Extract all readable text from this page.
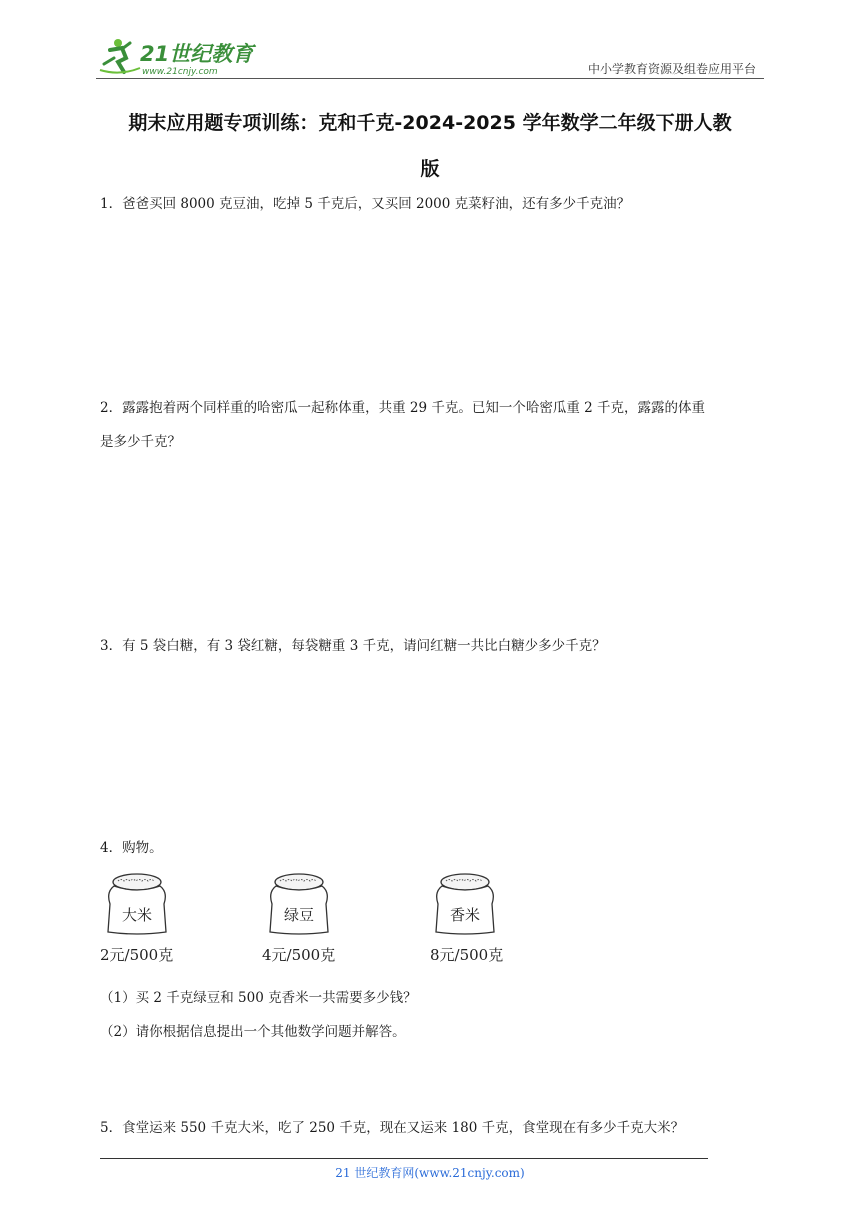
21世纪教育
www.21cnjy.com	中小学教育资源及组卷应用平台
期末应用题专项训练：克和千克-2024-2025 学年数学二年级下册人教
版
1．爸爸买回 8000 克豆油，吃掉 5 千克后，又买回 2000 克菜籽油，还有多少千克油？
2．露露抱着两个同样重的哈密瓜一起称体重，共重 29 千克。已知一个哈密瓜重 2 千克，露露的体重
是多少千克？
3．有 5 袋白糖，有 3 袋红糖，每袋糖重 3 千克，请问红糖一共比白糖少多少千克？
4．购物。
大米	绿豆	香米
2元/500克	4元/500克	8元/500克
（1）买 2 千克绿豆和 500 克香米一共需要多少钱？
（2）请你根据信息提出一个其他数学问题并解答。
5．食堂运来 550 千克大米，吃了 250 千克，现在又运来 180 千克，食堂现在有多少千克大米？
21 世纪教育网(www.21cnjy.com)
